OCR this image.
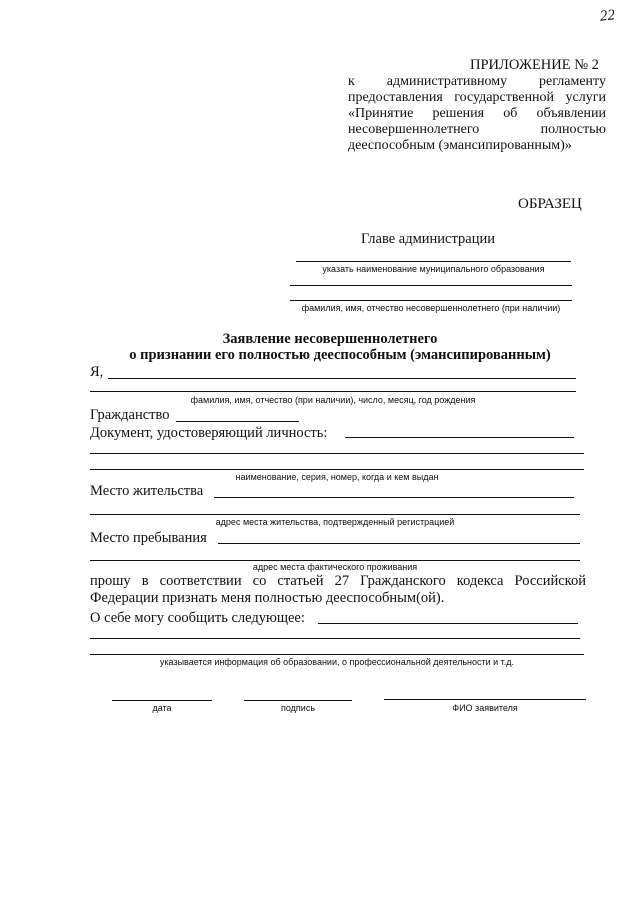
22
ПРИЛОЖЕНИЕ № 2
к административному регламенту предоставления государственной услуги «Принятие решения об объявлении несовершеннолетнего полностью дееспособным (эмансипированным)»
ОБРАЗЕЦ
Главе администрации
указать наименование муниципального образования
фамилия, имя, отчество несовершеннолетнего (при наличии)
Заявление несовершеннолетнего
о признании его полностью дееспособным (эмансипированным)
Я,
фамилия, имя, отчество (при наличии), число, месяц, год рождения
Гражданство
Документ, удостоверяющий личность:
наименование, серия, номер, когда и кем выдан
Место жительства
адрес места жительства, подтвержденный регистрацией
Место пребывания
адрес места фактического проживания
прошу в соответствии со статьей 27 Гражданского кодекса Российской Федерации признать меня полностью дееспособным(ой).
О себе могу сообщить следующее:
указывается информация об образовании, о профессиональной деятельности и т.д.
дата	подпись	ФИО заявителя
